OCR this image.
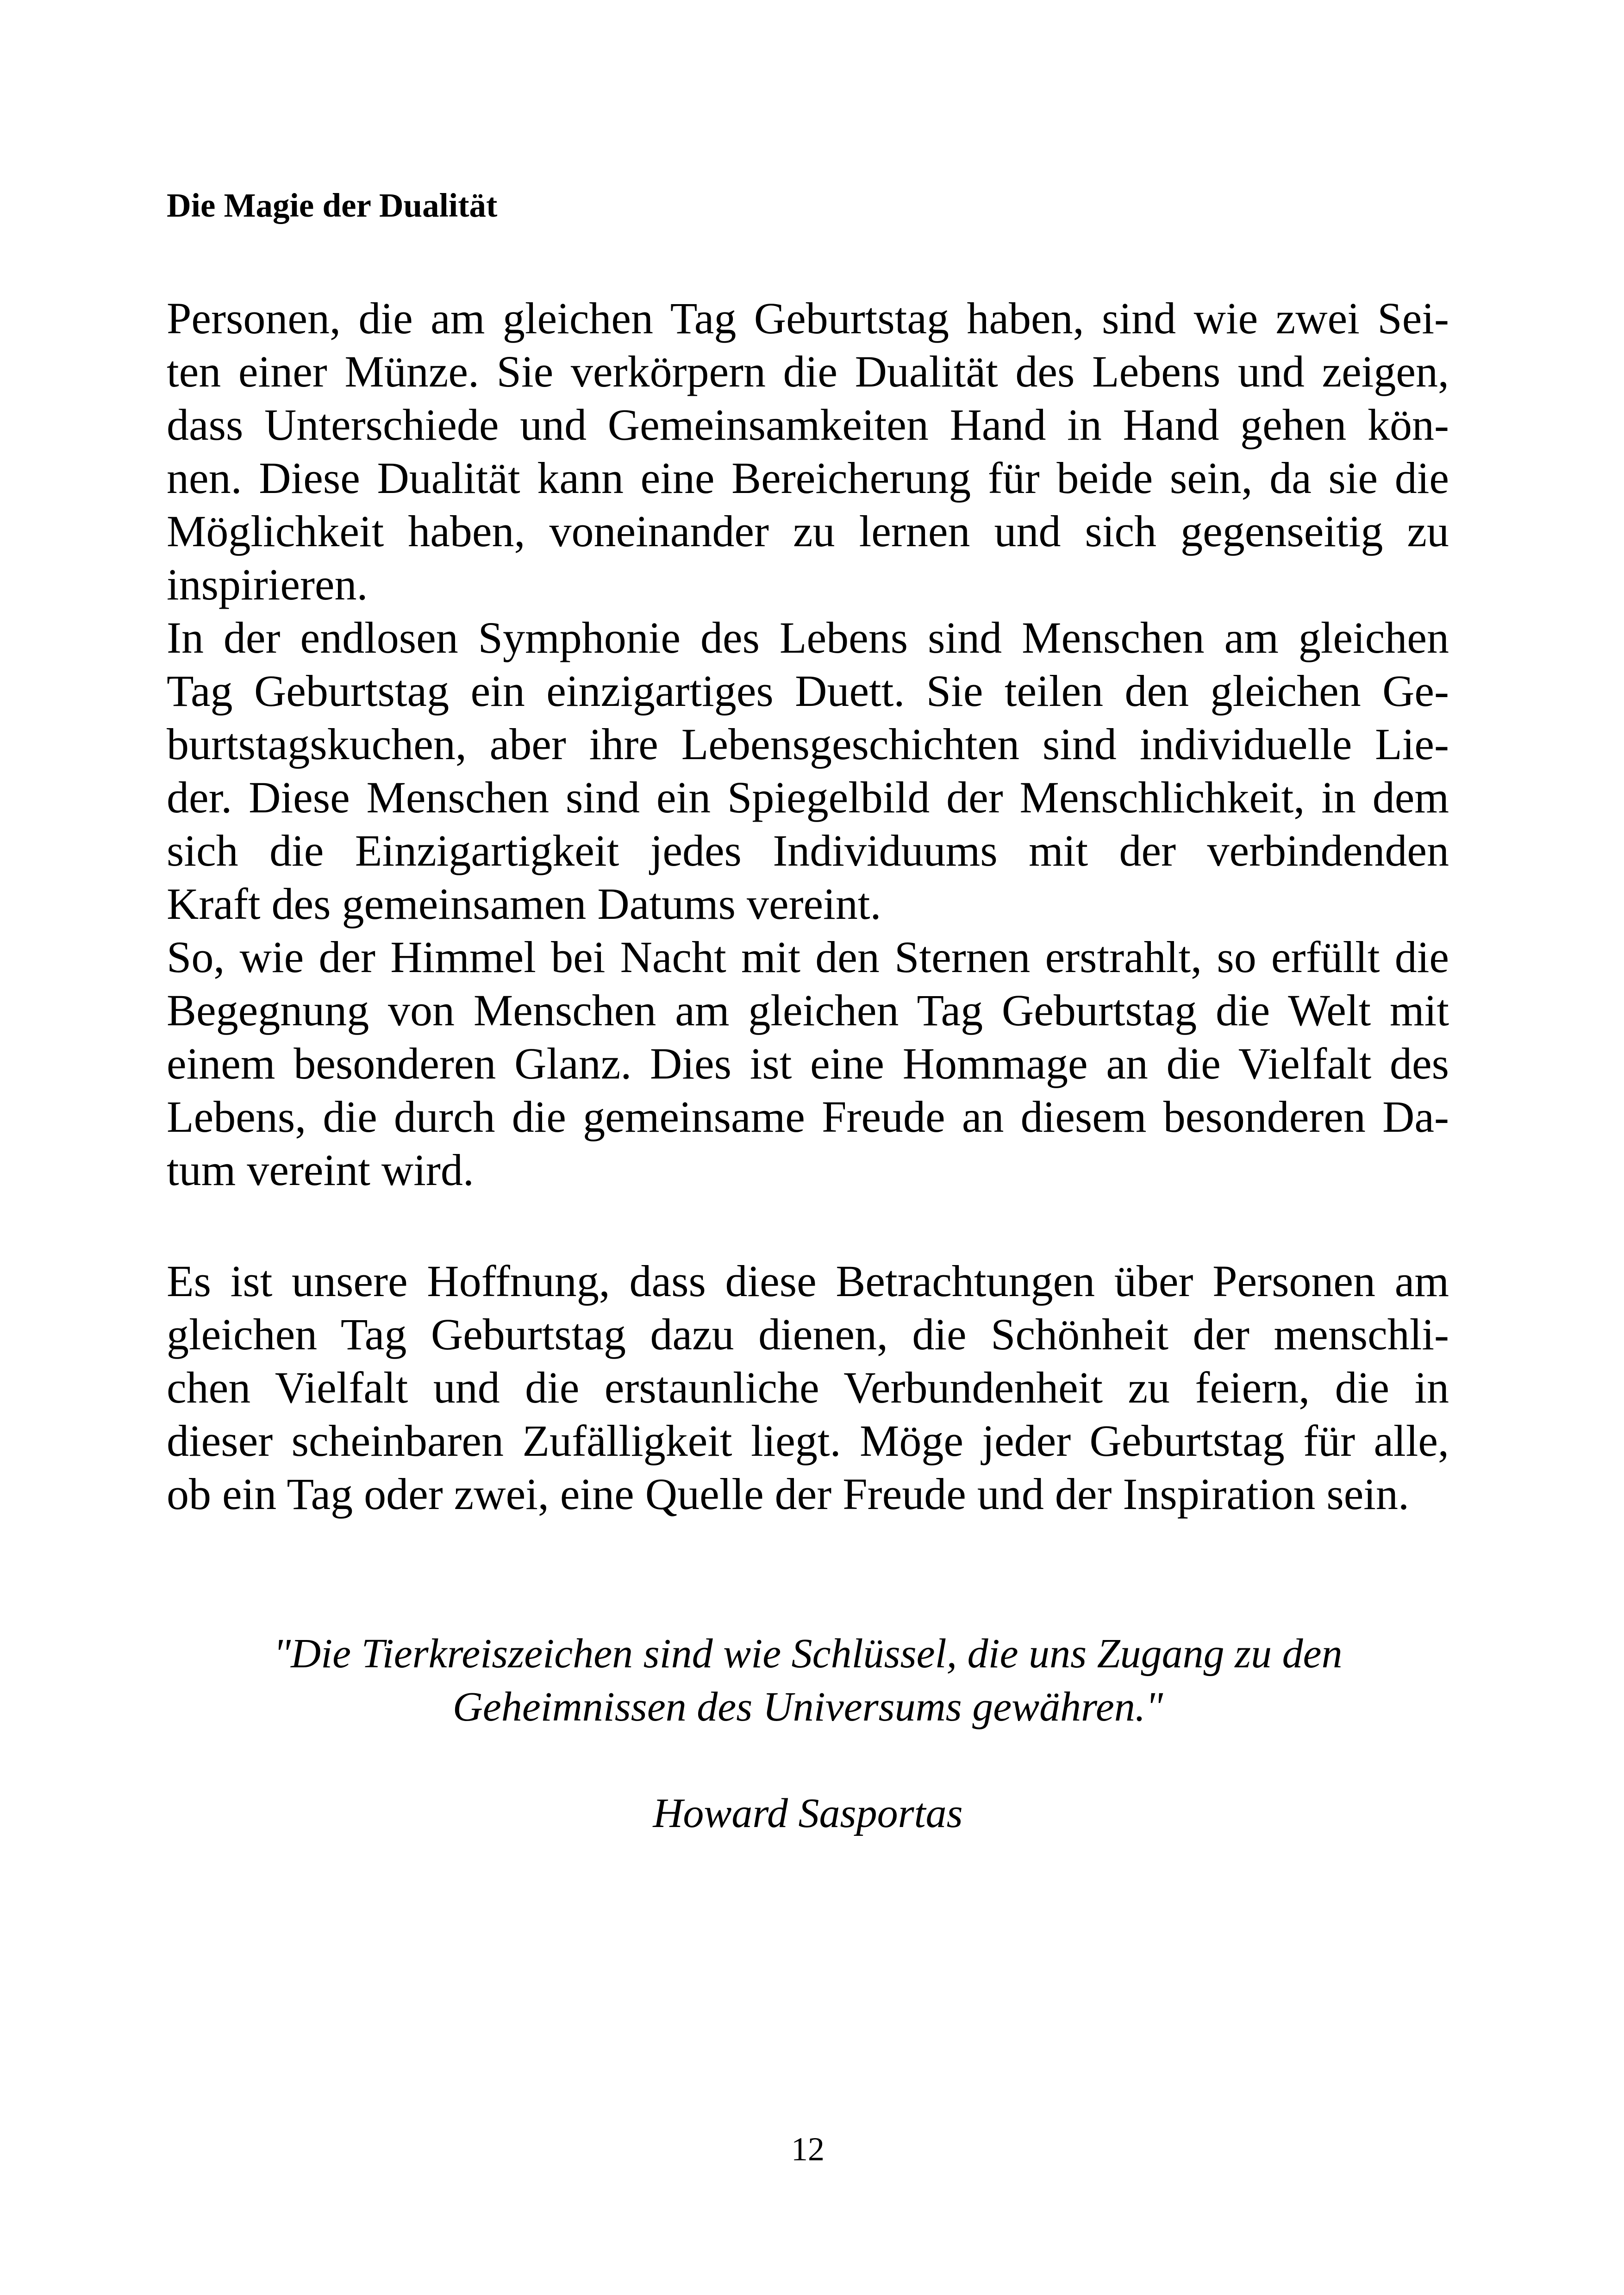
Die Magie der Dualität
Personen, die am gleichen Tag Geburtstag haben, sind wie zwei Sei-
ten einer Münze. Sie verkörpern die Dualität des Lebens und zeigen,
dass Unterschiede und Gemeinsamkeiten Hand in Hand gehen kön-
nen. Diese Dualität kann eine Bereicherung für beide sein, da sie die
Möglichkeit haben, voneinander zu lernen und sich gegenseitig zu
inspirieren.
In der endlosen Symphonie des Lebens sind Menschen am gleichen
Tag Geburtstag ein einzigartiges Duett. Sie teilen den gleichen Ge-
burtstagskuchen, aber ihre Lebensgeschichten sind individuelle Lie-
der. Diese Menschen sind ein Spiegelbild der Menschlichkeit, in dem
sich die Einzigartigkeit jedes Individuums mit der verbindenden
Kraft des gemeinsamen Datums vereint.
So, wie der Himmel bei Nacht mit den Sternen erstrahlt, so erfüllt die
Begegnung von Menschen am gleichen Tag Geburtstag die Welt mit
einem besonderen Glanz. Dies ist eine Hommage an die Vielfalt des
Lebens, die durch die gemeinsame Freude an diesem besonderen Da-
tum vereint wird.
Es ist unsere Hoffnung, dass diese Betrachtungen über Personen am
gleichen Tag Geburtstag dazu dienen, die Schönheit der menschli-
chen Vielfalt und die erstaunliche Verbundenheit zu feiern, die in
dieser scheinbaren Zufälligkeit liegt. Möge jeder Geburtstag für alle,
ob ein Tag oder zwei, eine Quelle der Freude und der Inspiration sein.
"Die Tierkreiszeichen sind wie Schlüssel, die uns Zugang zu den
Geheimnissen des Universums gewähren."
Howard Sasportas
12
